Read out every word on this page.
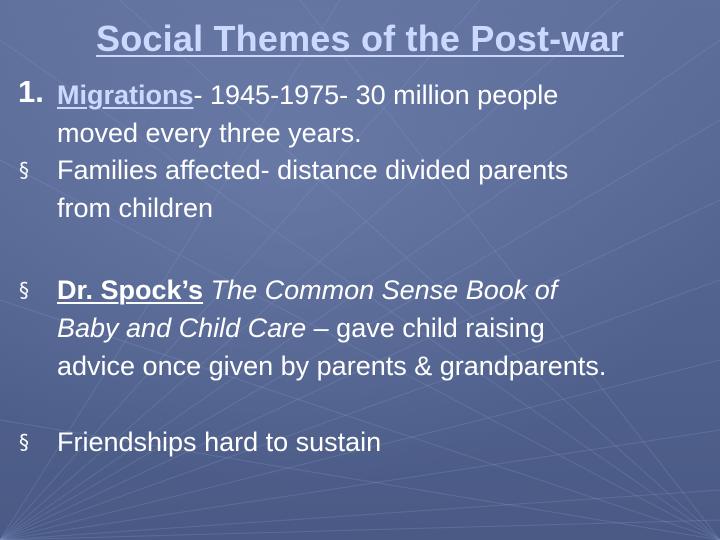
Social Themes of the Post-war
1. Migrations- 1945-1975- 30 million people
moved every three years.
§ Families affected- distance divided parents
from children
§ Dr. Spock’s The Common Sense Book of
Baby and Child Care – gave child raising
advice once given by parents & grandparents.
§ Friendships hard to sustain
